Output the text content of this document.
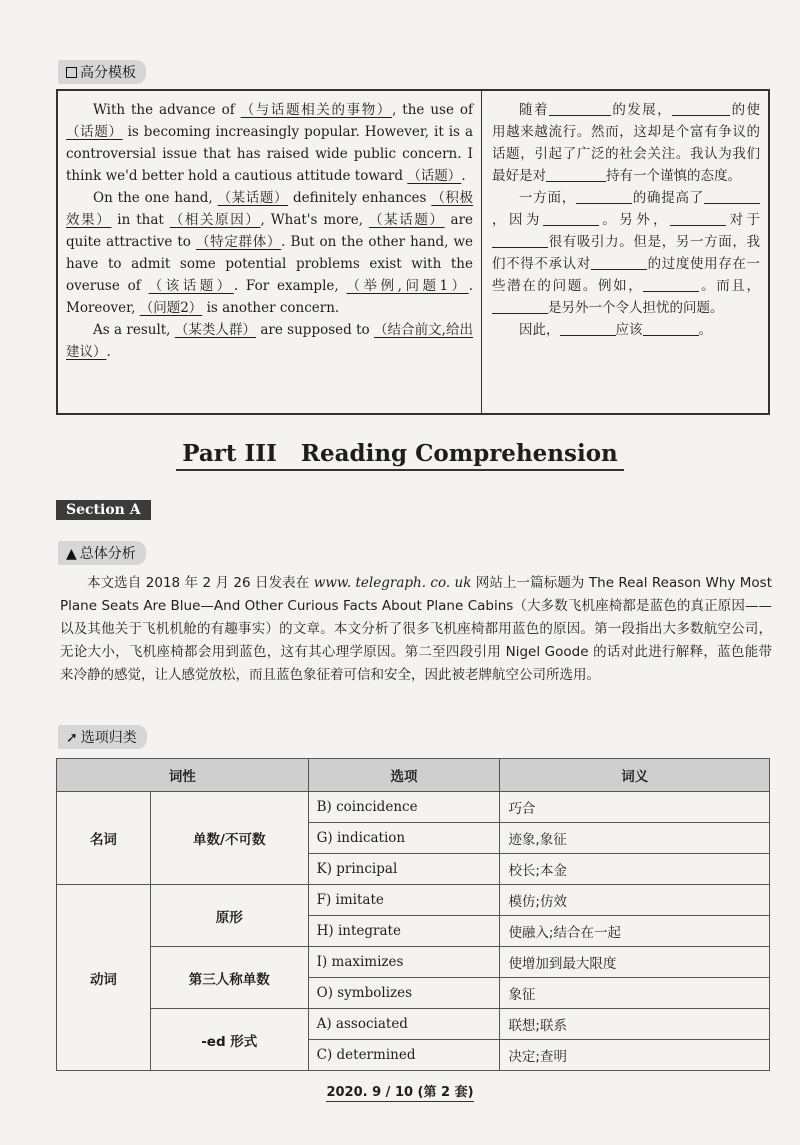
高分模板

With the advance of （与话题相关的事物）, the use of （话题） is becoming increasingly popular. However, it is a controversial issue that has raised wide public concern. I think we'd better hold a cautious attitude toward （话题）.

On the one hand, （某话题） definitely enhances （积极效果） in that （相关原因）, What's more, （某话题） are quite attractive to （特定群体）. But on the other hand, we have to admit some potential problems exist with the overuse of （该话题）. For example, （举例,问题1）. Moreover, （问题2） is another concern.

As a result, （某类人群） are supposed to （结合前文,给出建议）.

随着	的发展，	的使用越来越流行。然而，这却是个富有争议的话题，引起了广泛的社会关注。我认为我们最好是对	持有一个谨慎的态度。

一方面，	的确提高了，因为	。另外，	对于很有吸引力。但是，另一方面，我们不得不承认对	的过度使用存在一些潜在的问题。例如，	。而且，是另外一个令人担忧的问题。

因此，	应该	。

Part III   Reading Comprehension
Section A
▲ 总体分析

本文选自 2018 年 2 月 26 日发表在 www. telegraph. co. uk 网站上一篇标题为 The Real Reason Why Most Plane Seats Are Blue—And Other Curious Facts About Plane Cabins（大多数飞机座椅都是蓝色的真正原因——以及其他关于飞机机舱的有趣事实）的文章。本文分析了很多飞机座椅都用蓝色的原因。第一段指出大多数航空公司，无论大小，飞机座椅都会用到蓝色，这有其心理学原因。第二至四段引用 Nigel Goode 的话对此进行解释，蓝色能带来冷静的感觉，让人感觉放松，而且蓝色象征着可信和安全，因此被老牌航空公司所选用。

➚ 选项归类
词性		选项	词义
名词	单数/不可数	B) coincidence	巧合
		G) indication	迹象,象征
		K) principal	校长;本金
动词	原形	F) imitate	模仿;仿效
		H) integrate	使融入;结合在一起
	第三人称单数	I) maximizes	使增加到最大限度
		O) symbolizes	象征
	-ed 形式	A) associated	联想;联系
		C) determined	决定;查明
2020. 9 / 10 (第 2 套)
